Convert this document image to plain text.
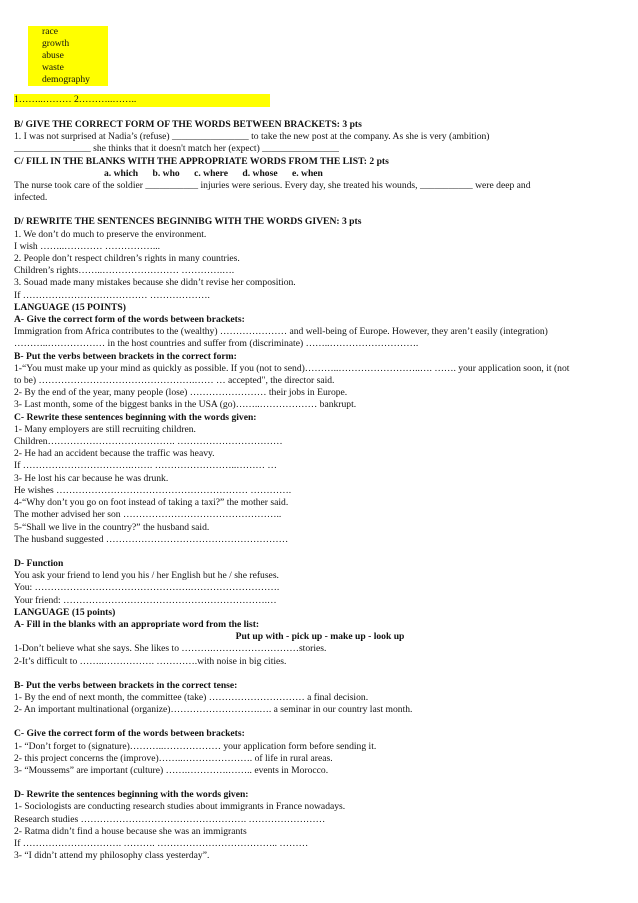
race
growth
abuse
waste
demography
1……..……… 2………..……..
B/ GIVE THE CORRECT FORM OF THE WORDS BETWEEN BRACKETS: 3 pts
1. I was not surprised at Nadia’s (refuse) ________________ to take the new post at the company. As she is very (ambition)
________________ she thinks that it doesn't match her (expect) ________________
C/ FILL IN THE BLANKS WITH THE APPROPRIATE WORDS FROM THE LIST: 2 pts
a. which      b. who      c. where      d. whose      e. when
The nurse took care of the soldier ___________ injuries were serious. Every day, she treated his wounds, ___________ were deep and
infected.
D/ REWRITE THE SENTENCES BEGINNIBG WITH THE WORDS GIVEN: 3 pts
1. We don’t do much to preserve the environment.
I wish ……..………… ……………...
2. People don’t respect children’s rights in many countries.
Children’s rights……..…………………… ………….….
3. Souad made many mistakes because she didn’t revise her composition.
If ………………………………… ……………….
LANGUAGE (15 POINTS)
A- Give the correct form of the words between brackets:
Immigration from Africa contributes to the (wealthy) ………………… and well-being of Europe. However, they aren’t easily (integration)
………..……………… in the host countries and suffer from (discriminate) ……..……………………….
B- Put the verbs between brackets in the correct form:
1-“You must make up your mind as quickly as possible. If you (not to send)………..……………………..…. ……. your application soon, it (not
to be) ………………………………………….…… … accepted", the director said.
2- By the end of the year, many people (lose) …………………… their jobs in Europe.
3- Last month, some of the biggest banks in the USA (go)……..……………… bankrupt.
C- Rewrite these sentences beginning with the words given:
1- Many employers are still recruiting children.
Children…………………………………. ……………………………
2- He had an accident because the traffic was heavy.
If …………………………….……. ……………………..……… …
3- He lost his car because he was drunk.
He wishes …………………………………………………… ………….
4-“Why don’t you go on foot instead of taking a taxi?” the mother said.
The mother advised her son …………………………………………..
5-“Shall we live in the country?” the husband said.
The husband suggested …………………………………………………
D- Function
You ask your friend to lend you his / her English but he / she refuses.
You: ………………………………………….……………………….
Your friend: ……………………………………………………….…
LANGUAGE (15 points)
A- Fill in the blanks with an appropriate word from the list:
Put up with - pick up - make up - look up
1-Don’t believe what she says. She likes to ……….………………………stories.
2-It’s difficult to ……..……………. ………….with noise in big cities.
B- Put the verbs between brackets in the correct tense:
1- By the end of next month, the committee (take) ………………………… a final decision.
2- An important multinational (organize)……………………….…. a seminar in our country last month.
C- Give the correct form of the words between brackets:
1- “Don’t forget to (signature)………..……………… your application form before sending it.
2- this project concerns the (improve)……..…………………. of life in rural areas.
3- “Moussems” are important (culture) …….………….…….. events in Morocco.
D- Rewrite the sentences beginning with the words given:
1- Sociologists are conducting research studies about immigrants in France nowadays.
Research studies ……………………………………………. ……………………
2- Ratma didn’t find a house because she was an immigrants
If …………………………. ………. ……………………………….. ………
3- “I didn’t attend my philosophy class yesterday”.
